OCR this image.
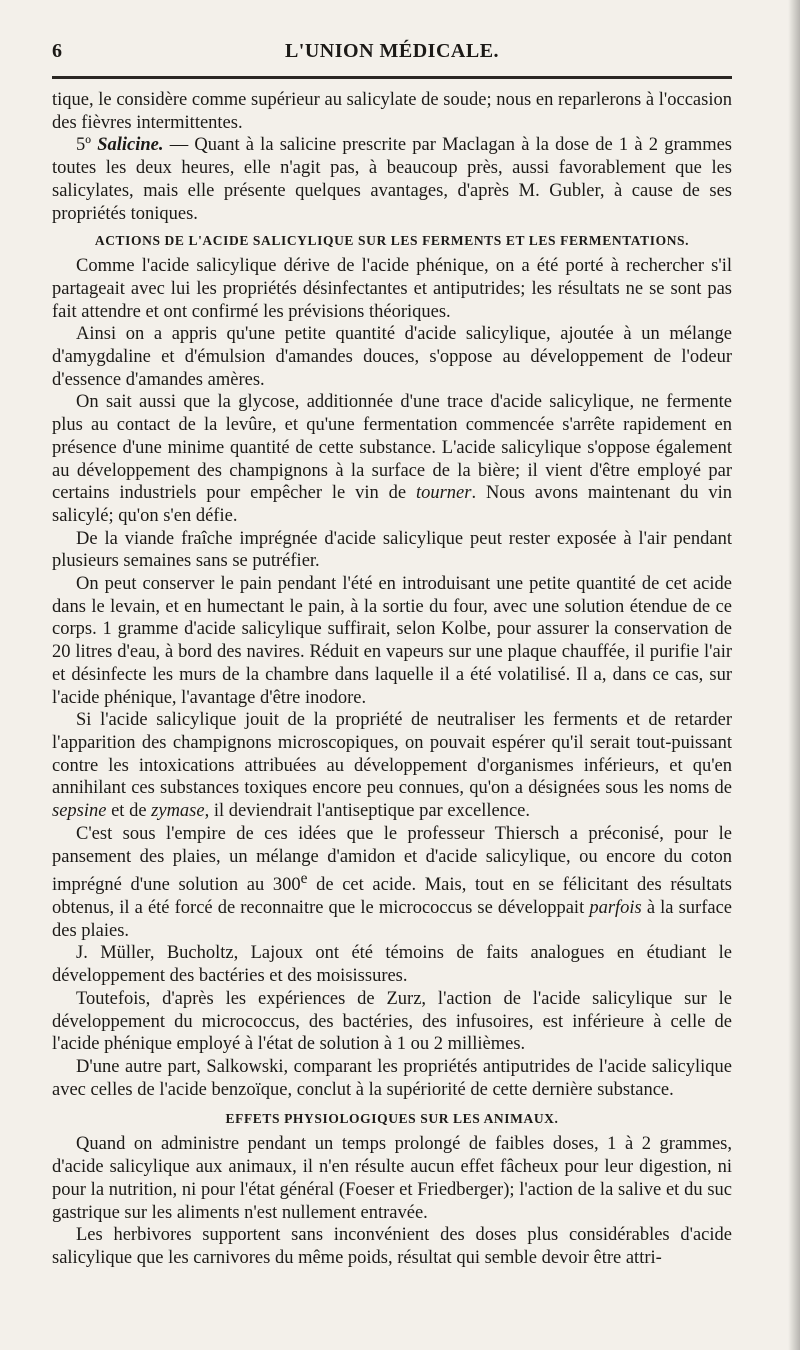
6	L'UNION MÉDICALE.

tique, le considère comme supérieur au salicylate de soude; nous en reparlerons à l'occasion des fièvres intermittentes.

5º Salicine. — Quant à la salicine prescrite par Maclagan à la dose de 1 à 2 grammes toutes les deux heures, elle n'agit pas, à beaucoup près, aussi favorablement que les salicylates, mais elle présente quelques avantages, d'après M. Gubler, à cause de ses propriétés toniques.

ACTIONS DE L'ACIDE SALICYLIQUE SUR LES FERMENTS ET LES FERMENTATIONS.

Comme l'acide salicylique dérive de l'acide phénique, on a été porté à rechercher s'il partageait avec lui les propriétés désinfectantes et antiputrides; les résultats ne se sont pas fait attendre et ont confirmé les prévisions théoriques.

Ainsi on a appris qu'une petite quantité d'acide salicylique, ajoutée à un mélange d'amygdaline et d'émulsion d'amandes douces, s'oppose au développement de l'odeur d'essence d'amandes amères.

On sait aussi que la glycose, additionnée d'une trace d'acide salicylique, ne fermente plus au contact de la levûre, et qu'une fermentation commencée s'arrête rapidement en présence d'une minime quantité de cette substance. L'acide salicylique s'oppose également au développement des champignons à la surface de la bière; il vient d'être employé par certains industriels pour empêcher le vin de tourner. Nous avons maintenant du vin salicylé; qu'on s'en défie.

De la viande fraîche imprégnée d'acide salicylique peut rester exposée à l'air pendant plusieurs semaines sans se putréfier.

On peut conserver le pain pendant l'été en introduisant une petite quantité de cet acide dans le levain, et en humectant le pain, à la sortie du four, avec une solution étendue de ce corps. 1 gramme d'acide salicylique suffirait, selon Kolbe, pour assurer la conservation de 20 litres d'eau, à bord des navires. Réduit en vapeurs sur une plaque chauffée, il purifie l'air et désinfecte les murs de la chambre dans laquelle il a été volatilisé. Il a, dans ce cas, sur l'acide phénique, l'avantage d'être inodore.

Si l'acide salicylique jouit de la propriété de neutraliser les ferments et de retarder l'apparition des champignons microscopiques, on pouvait espérer qu'il serait tout-puissant contre les intoxications attribuées au développement d'organismes inférieurs, et qu'en annihilant ces substances toxiques encore peu connues, qu'on a désignées sous les noms de sepsine et de zymase, il deviendrait l'antiseptique par excellence.

C'est sous l'empire de ces idées que le professeur Thiersch a préconisé, pour le pansement des plaies, un mélange d'amidon et d'acide salicylique, ou encore du coton imprégné d'une solution au 300e de cet acide. Mais, tout en se félicitant des résultats obtenus, il a été forcé de reconnaitre que le micrococcus se développait parfois à la surface des plaies.

J. Müller, Bucholtz, Lajoux ont été témoins de faits analogues en étudiant le développement des bactéries et des moisissures.

Toutefois, d'après les expériences de Zurz, l'action de l'acide salicylique sur le développement du micrococcus, des bactéries, des infusoires, est inférieure à celle de l'acide phénique employé à l'état de solution à 1 ou 2 millièmes.

D'une autre part, Salkowski, comparant les propriétés antiputrides de l'acide salicylique avec celles de l'acide benzoïque, conclut à la supériorité de cette dernière substance.

EFFETS PHYSIOLOGIQUES SUR LES ANIMAUX.

Quand on administre pendant un temps prolongé de faibles doses, 1 à 2 grammes, d'acide salicylique aux animaux, il n'en résulte aucun effet fâcheux pour leur digestion, ni pour la nutrition, ni pour l'état général (Foeser et Friedberger); l'action de la salive et du suc gastrique sur les aliments n'est nullement entravée.

Les herbivores supportent sans inconvénient des doses plus considérables d'acide salicylique que les carnivores du même poids, résultat qui semble devoir être attri-
